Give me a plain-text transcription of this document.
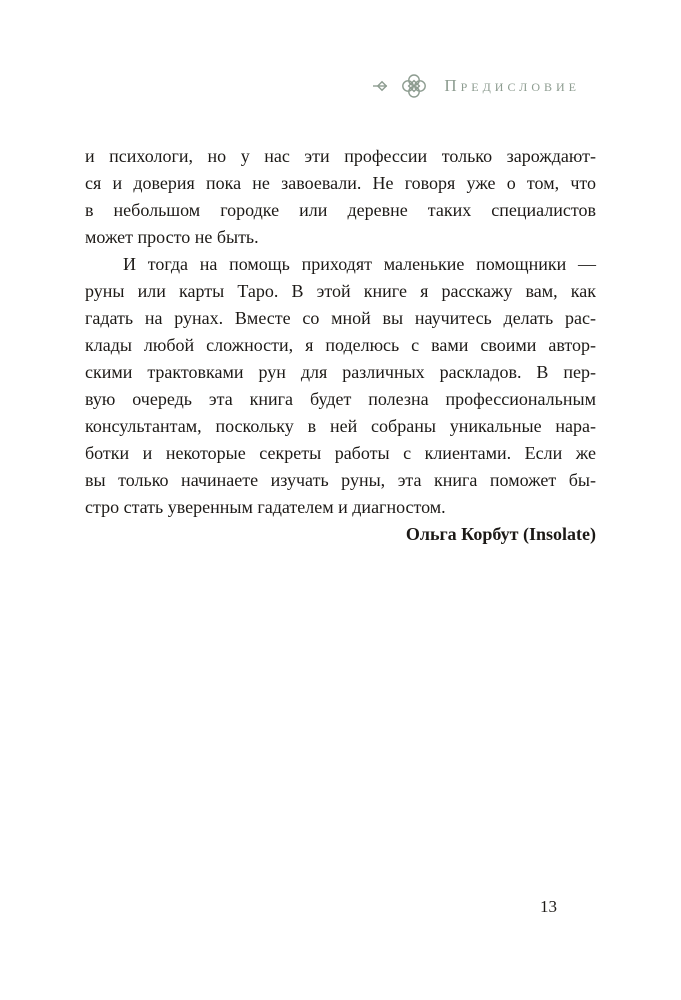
Предисловие
и психологи, но у нас эти профессии только зарождают-
ся и доверия пока не завоевали. Не говоря уже о том, что
в небольшом городке или деревне таких специалистов
может просто не быть.
И тогда на помощь приходят маленькие помощники —
руны или карты Таро. В этой книге я расскажу вам, как
гадать на рунах. Вместе со мной вы научитесь делать рас-
клады любой сложности, я поделюсь с вами своими автор-
скими трактовками рун для различных раскладов. В пер-
вую очередь эта книга будет полезна профессиональным
консультантам, поскольку в ней собраны уникальные нара-
ботки и некоторые секреты работы с клиентами. Если же
вы только начинаете изучать руны, эта книга поможет бы-
стро стать уверенным гадателем и диагностом.
Ольга Корбут (Insolate)
13
